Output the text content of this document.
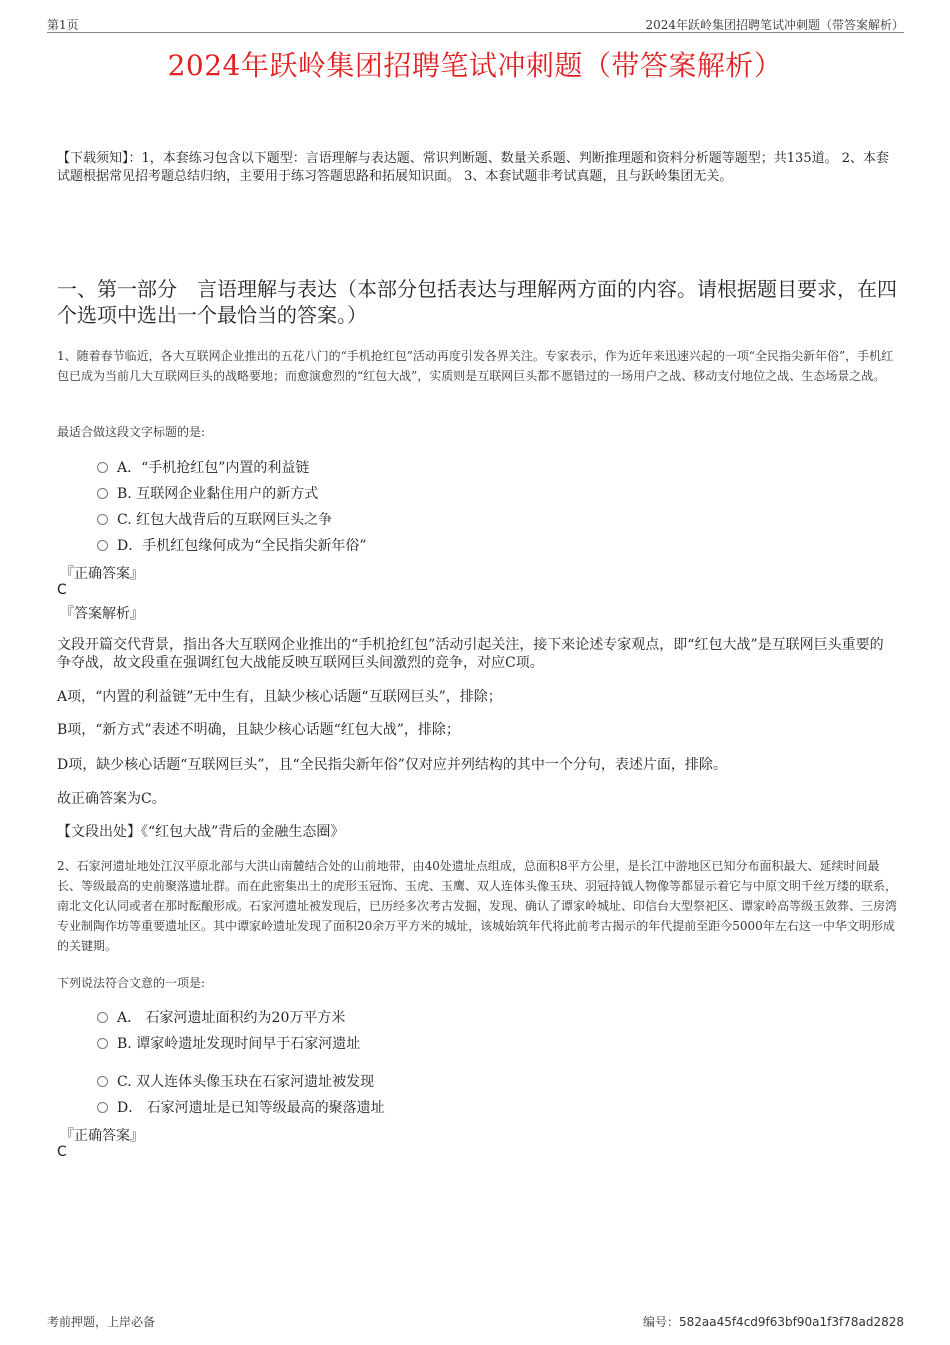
第1页	2024年跃岭集团招聘笔试冲刺题（带答案解析）
2024年跃岭集团招聘笔试冲刺题（带答案解析）
【下载须知】：1，本套练习包含以下题型：言语理解与表达题、常识判断题、数量关系题、判断推理题和资料分析题等题型；共135道。 2、本套试题根据常见招考题总结归纳，主要用于练习答题思路和拓展知识面。 3、本套试题非考试真题，且与跃岭集团无关。
一、第一部分　言语理解与表达（本部分包括表达与理解两方面的内容。请根据题目要求，在四个选项中选出一个最恰当的答案。）
1、随着春节临近，各大互联网企业推出的五花八门的“手机抢红包”活动再度引发各界关注。专家表示，作为近年来迅速兴起的一项“全民指尖新年俗”，手机红包已成为当前几大互联网巨头的战略要地；而愈演愈烈的“红包大战”，实质则是互联网巨头都不愿错过的一场用户之战、移动支付地位之战、生态场景之战。
最适合做这段文字标题的是:
A．“手机抢红包”内置的利益链
B. 互联网企业黏住用户的新方式
C. 红包大战背后的互联网巨头之争
D．手机红包缘何成为“全民指尖新年俗”
『正确答案』
C
『答案解析』
文段开篇交代背景，指出各大互联网企业推出的“手机抢红包”活动引起关注，接下来论述专家观点，即“红包大战”是互联网巨头重要的争夺战，故文段重在强调红包大战能反映互联网巨头间激烈的竞争，对应C项。
A项，“内置的利益链”无中生有，且缺少核心话题“互联网巨头”，排除；
B项，“新方式”表述不明确，且缺少核心话题“红包大战”，排除；
D项，缺少核心话题“互联网巨头”，且“全民指尖新年俗”仅对应并列结构的其中一个分句，表述片面，排除。
故正确答案为C。
【文段出处】《“红包大战”背后的金融生态圈》
2、石家河遗址地处江汉平原北部与大洪山南麓结合处的山前地带，由40处遗址点组成，总面积8平方公里，是长江中游地区已知分布面积最大、延续时间最长、等级最高的史前聚落遗址群。而在此密集出土的虎形玉冠饰、玉虎、玉鹰、双人连体头像玉玦、羽冠持钺人物像等都显示着它与中原文明千丝万缕的联系，南北文化认同或者在那时酝酿形成。石家河遗址被发现后，已历经多次考古发掘，发现、确认了谭家岭城址、印信台大型祭祀区、谭家岭高等级玉敛葬、三房湾专业制陶作坊等重要遗址区。其中谭家岭遗址发现了面积20余万平方米的城址，该城始筑年代将此前考古揭示的年代提前至距今5000年左右这一中华文明形成的关键期。
下列说法符合文意的一项是:
A． 石家河遗址面积约为20万平方米
B. 谭家岭遗址发现时间早于石家河遗址
C. 双人连体头像玉玦在石家河遗址被发现
D． 石家河遗址是已知等级最高的聚落遗址
『正确答案』
C
考前押题，上岸必备	编号：582aa45f4cd9f63bf90a1f3f78ad2828
